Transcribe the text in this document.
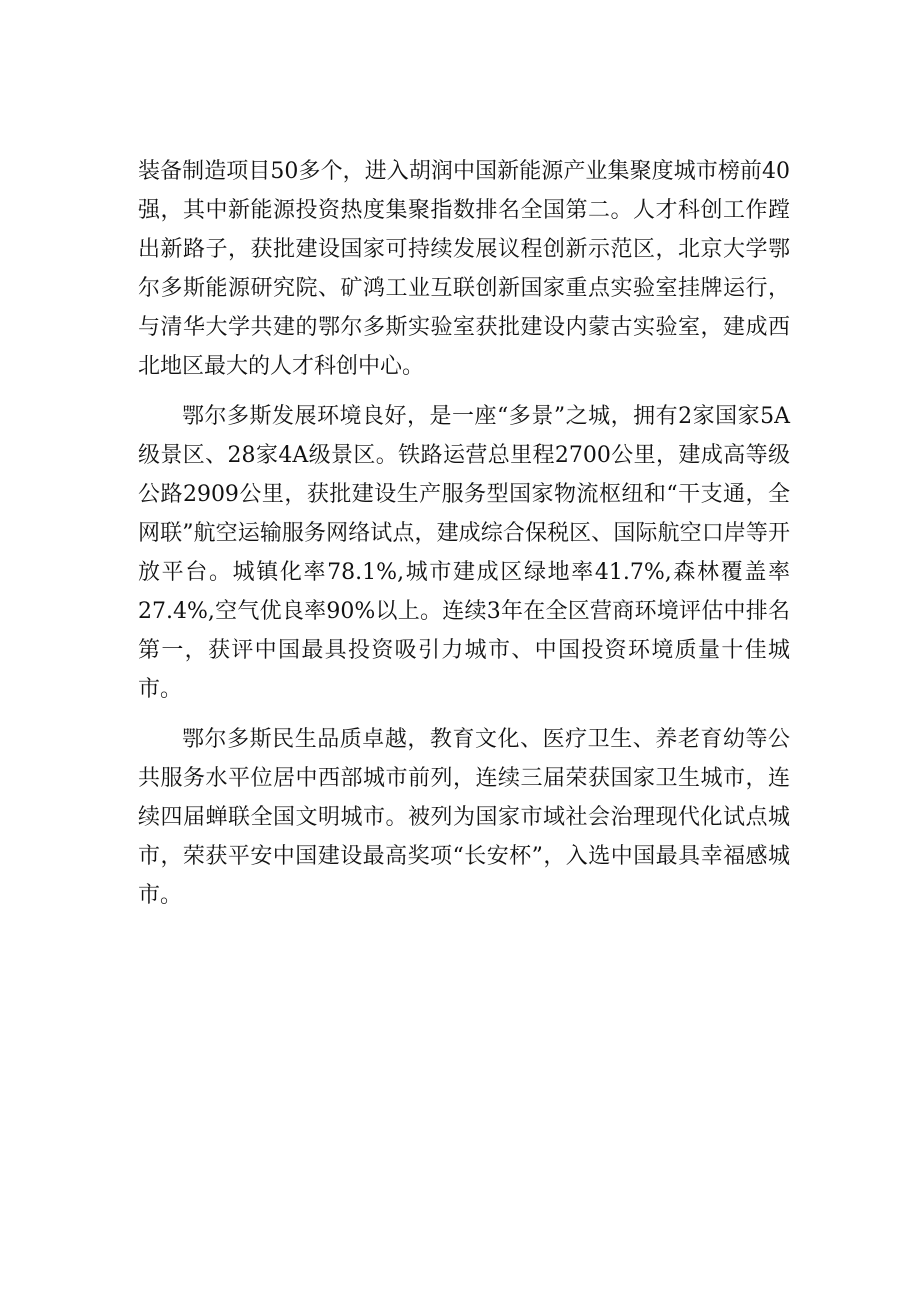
装备制造项目50多个，进入胡润中国新能源产业集聚度城市榜前40强，其中新能源投资热度集聚指数排名全国第二。人才科创工作蹚出新路子，获批建设国家可持续发展议程创新示范区，北京大学鄂尔多斯能源研究院、矿鸿工业互联创新国家重点实验室挂牌运行，与清华大学共建的鄂尔多斯实验室获批建设内蒙古实验室，建成西北地区最大的人才科创中心。

鄂尔多斯发展环境良好，是一座“多景”之城，拥有2家国家5A级景区、28家4A级景区。铁路运营总里程2700公里，建成高等级公路2909公里，获批建设生产服务型国家物流枢纽和“干支通，全网联”航空运输服务网络试点，建成综合保税区、国际航空口岸等开放平台。城镇化率78.1%,城市建成区绿地率41.7%,森林覆盖率27.4%,空气优良率90%以上。连续3年在全区营商环境评估中排名第一，获评中国最具投资吸引力城市、中国投资环境质量十佳城市。

鄂尔多斯民生品质卓越，教育文化、医疗卫生、养老育幼等公共服务水平位居中西部城市前列，连续三届荣获国家卫生城市，连续四届蝉联全国文明城市。被列为国家市域社会治理现代化试点城市，荣获平安中国建设最高奖项“长安杯”，入选中国最具幸福感城市。
